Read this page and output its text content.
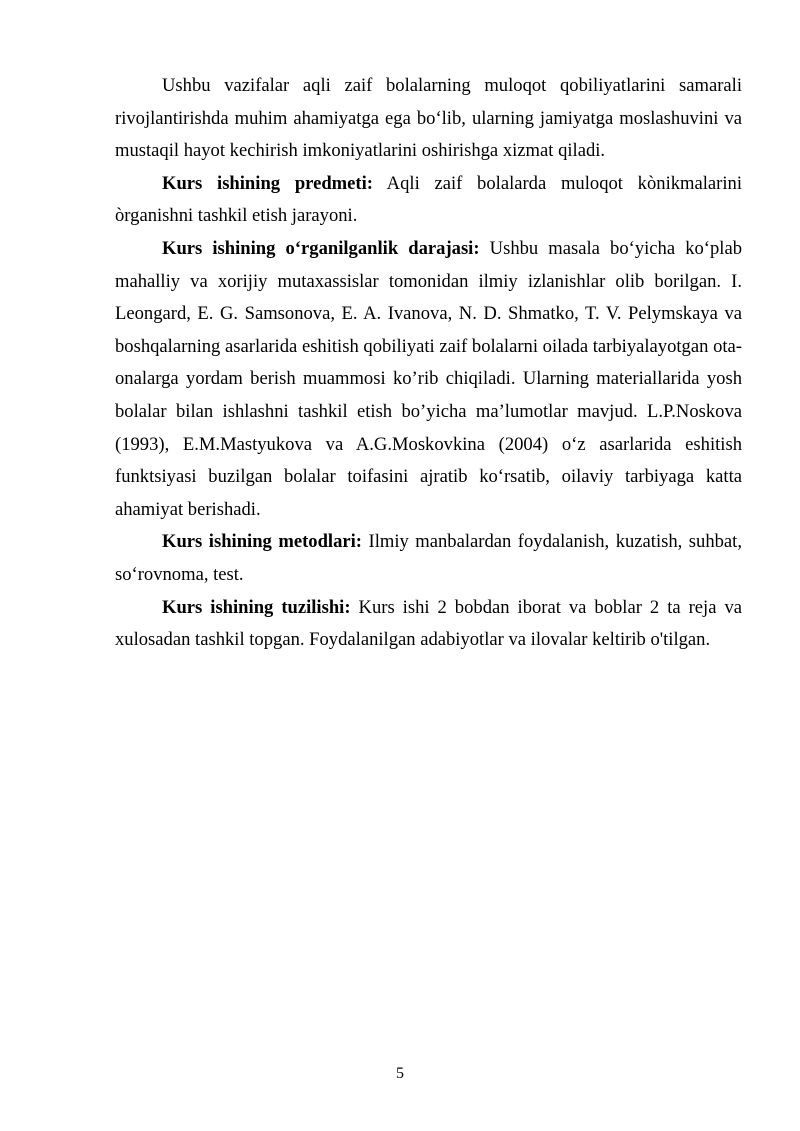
Ushbu vazifalar aqli zaif bolalarning muloqot qobiliyatlarini samarali rivojlantirishda muhim ahamiyatga ega boʻlib, ularning jamiyatga moslashuvini va mustaqil hayot kechirish imkoniyatlarini oshirishga xizmat qiladi.

Kurs ishining predmeti: Aqli zaif bolalarda muloqot kònikmalarini òrganishni tashkil etish jarayoni.

Kurs ishining oʻrganilganlik darajasi: Ushbu masala boʻyicha koʻplab mahalliy va xorijiy mutaxassislar tomonidan ilmiy izlanishlar olib borilgan. I. Leongard, E. G. Samsonova, E. A. Ivanova, N. D. Shmatko, T. V. Pelymskaya va boshqalarning asarlarida eshitish qobiliyati zaif bolalarni oilada tarbiyalayotgan ota-onalarga yordam berish muammosi ko’rib chiqiladi. Ularning materiallarida yosh bolalar bilan ishlashni tashkil etish bo’yicha ma’lumotlar mavjud. L.P.Noskova (1993), E.M.Mastyukova va A.G.Moskovkina (2004) oʻz asarlarida eshitish funktsiyasi buzilgan bolalar toifasini ajratib koʻrsatib, oilaviy tarbiyaga katta ahamiyat berishadi.

Kurs ishining metodlari: Ilmiy manbalardan foydalanish, kuzatish, suhbat, soʻrovnoma, test.

Kurs ishining tuzilishi: Kurs ishi 2 bobdan iborat va boblar 2 ta reja va xulosadan tashkil topgan. Foydalanilgan adabiyotlar va ilovalar keltirib o'tilgan.

5
